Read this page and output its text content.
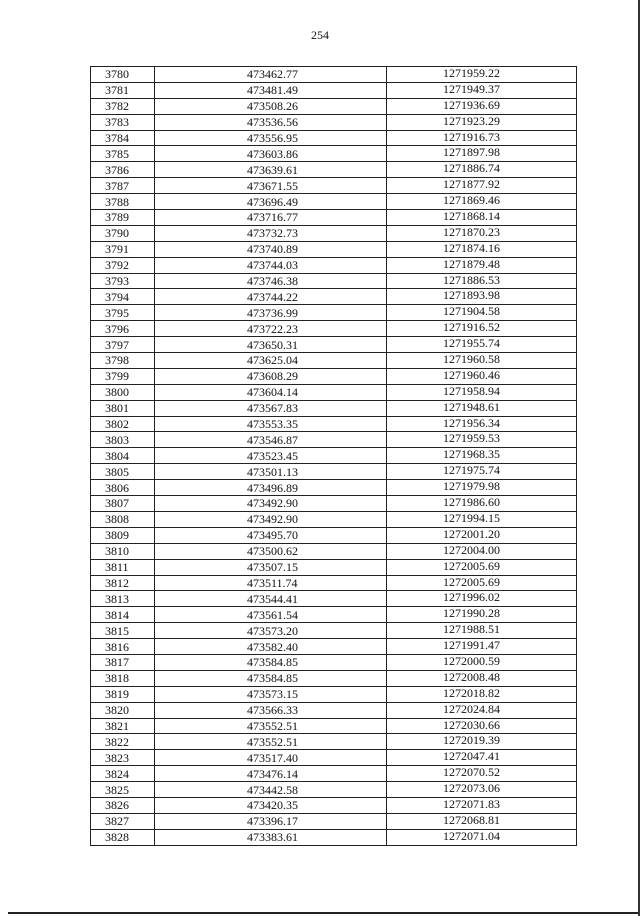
254
3780	473462.77	1271959.22
3781	473481.49	1271949.37
3782	473508.26	1271936.69
3783	473536.56	1271923.29
3784	473556.95	1271916.73
3785	473603.86	1271897.98
3786	473639.61	1271886.74
3787	473671.55	1271877.92
3788	473696.49	1271869.46
3789	473716.77	1271868.14
3790	473732.73	1271870.23
3791	473740.89	1271874.16
3792	473744.03	1271879.48
3793	473746.38	1271886.53
3794	473744.22	1271893.98
3795	473736.99	1271904.58
3796	473722.23	1271916.52
3797	473650.31	1271955.74
3798	473625.04	1271960.58
3799	473608.29	1271960.46
3800	473604.14	1271958.94
3801	473567.83	1271948.61
3802	473553.35	1271956.34
3803	473546.87	1271959.53
3804	473523.45	1271968.35
3805	473501.13	1271975.74
3806	473496.89	1271979.98
3807	473492.90	1271986.60
3808	473492.90	1271994.15
3809	473495.70	1272001.20
3810	473500.62	1272004.00
3811	473507.15	1272005.69
3812	473511.74	1272005.69
3813	473544.41	1271996.02
3814	473561.54	1271990.28
3815	473573.20	1271988.51
3816	473582.40	1271991.47
3817	473584.85	1272000.59
3818	473584.85	1272008.48
3819	473573.15	1272018.82
3820	473566.33	1272024.84
3821	473552.51	1272030.66
3822	473552.51	1272019.39
3823	473517.40	1272047.41
3824	473476.14	1272070.52
3825	473442.58	1272073.06
3826	473420.35	1272071.83
3827	473396.17	1272068.81
3828	473383.61	1272071.04
